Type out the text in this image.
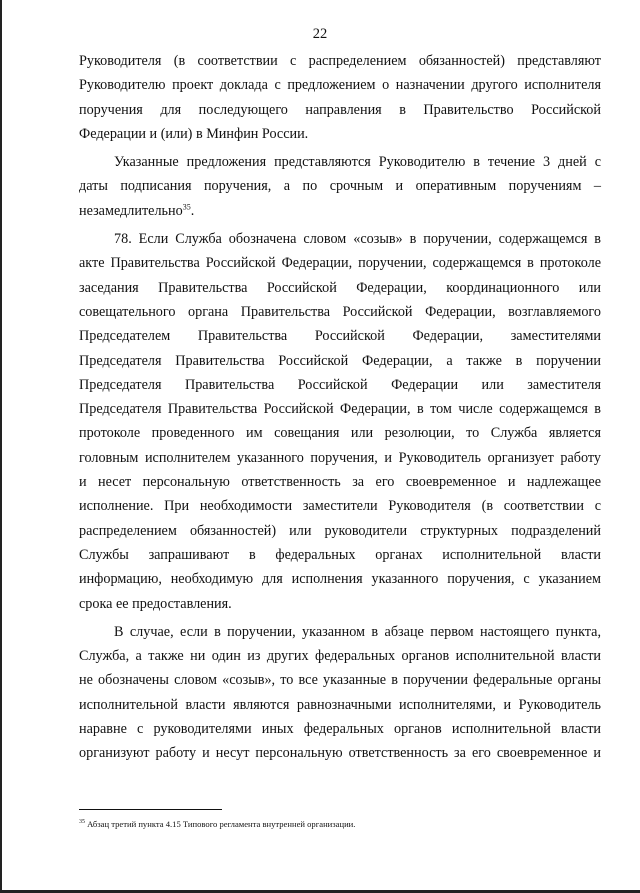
22

Руководителя (в соответствии с распределением обязанностей) представляют

Руководителю проект доклада с предложением о назначении другого исполнителя

поручения для последующего направления в Правительство Российской

Федерации и (или) в Минфин России.

Указанные предложения представляются Руководителю в течение 3 дней с

даты подписания поручения, а по срочным и оперативным поручениям –

незамедлительно$^{35}$.

78. Если Служба обозначена словом «созыв» в поручении, содержащемся в

акте Правительства Российской Федерации, поручении, содержащемся в протоколе

заседания Правительства Российской Федерации, координационного или

совещательного органа Правительства Российской Федерации, возглавляемого

Председателем Правительства Российской Федерации, заместителями

Председателя Правительства Российской Федерации, а также в поручении

Председателя Правительства Российской Федерации или заместителя

Председателя Правительства Российской Федерации, в том числе содержащемся в

протоколе проведенного им совещания или резолюции, то Служба является

головным исполнителем указанного поручения, и Руководитель организует работу

и несет персональную ответственность за его своевременное и надлежащее

исполнение. При необходимости заместители Руководителя (в соответствии с

распределением обязанностей) или руководители структурных подразделений

Службы запрашивают в федеральных органах исполнительной власти

информацию, необходимую для исполнения указанного поручения, с указанием

срока ее предоставления.

В случае, если в поручении, указанном в абзаце первом настоящего пункта,

Служба, а также ни один из других федеральных органов исполнительной власти

не обозначены словом «созыв», то все указанные в поручении федеральные органы

исполнительной власти являются равнозначными исполнителями, и Руководитель

наравне с руководителями иных федеральных органов исполнительной власти

организуют работу и несут персональную ответственность за его своевременное и

$^{35}$ Абзац третий пункта 4.15 Типового регламента внутренней организации.
